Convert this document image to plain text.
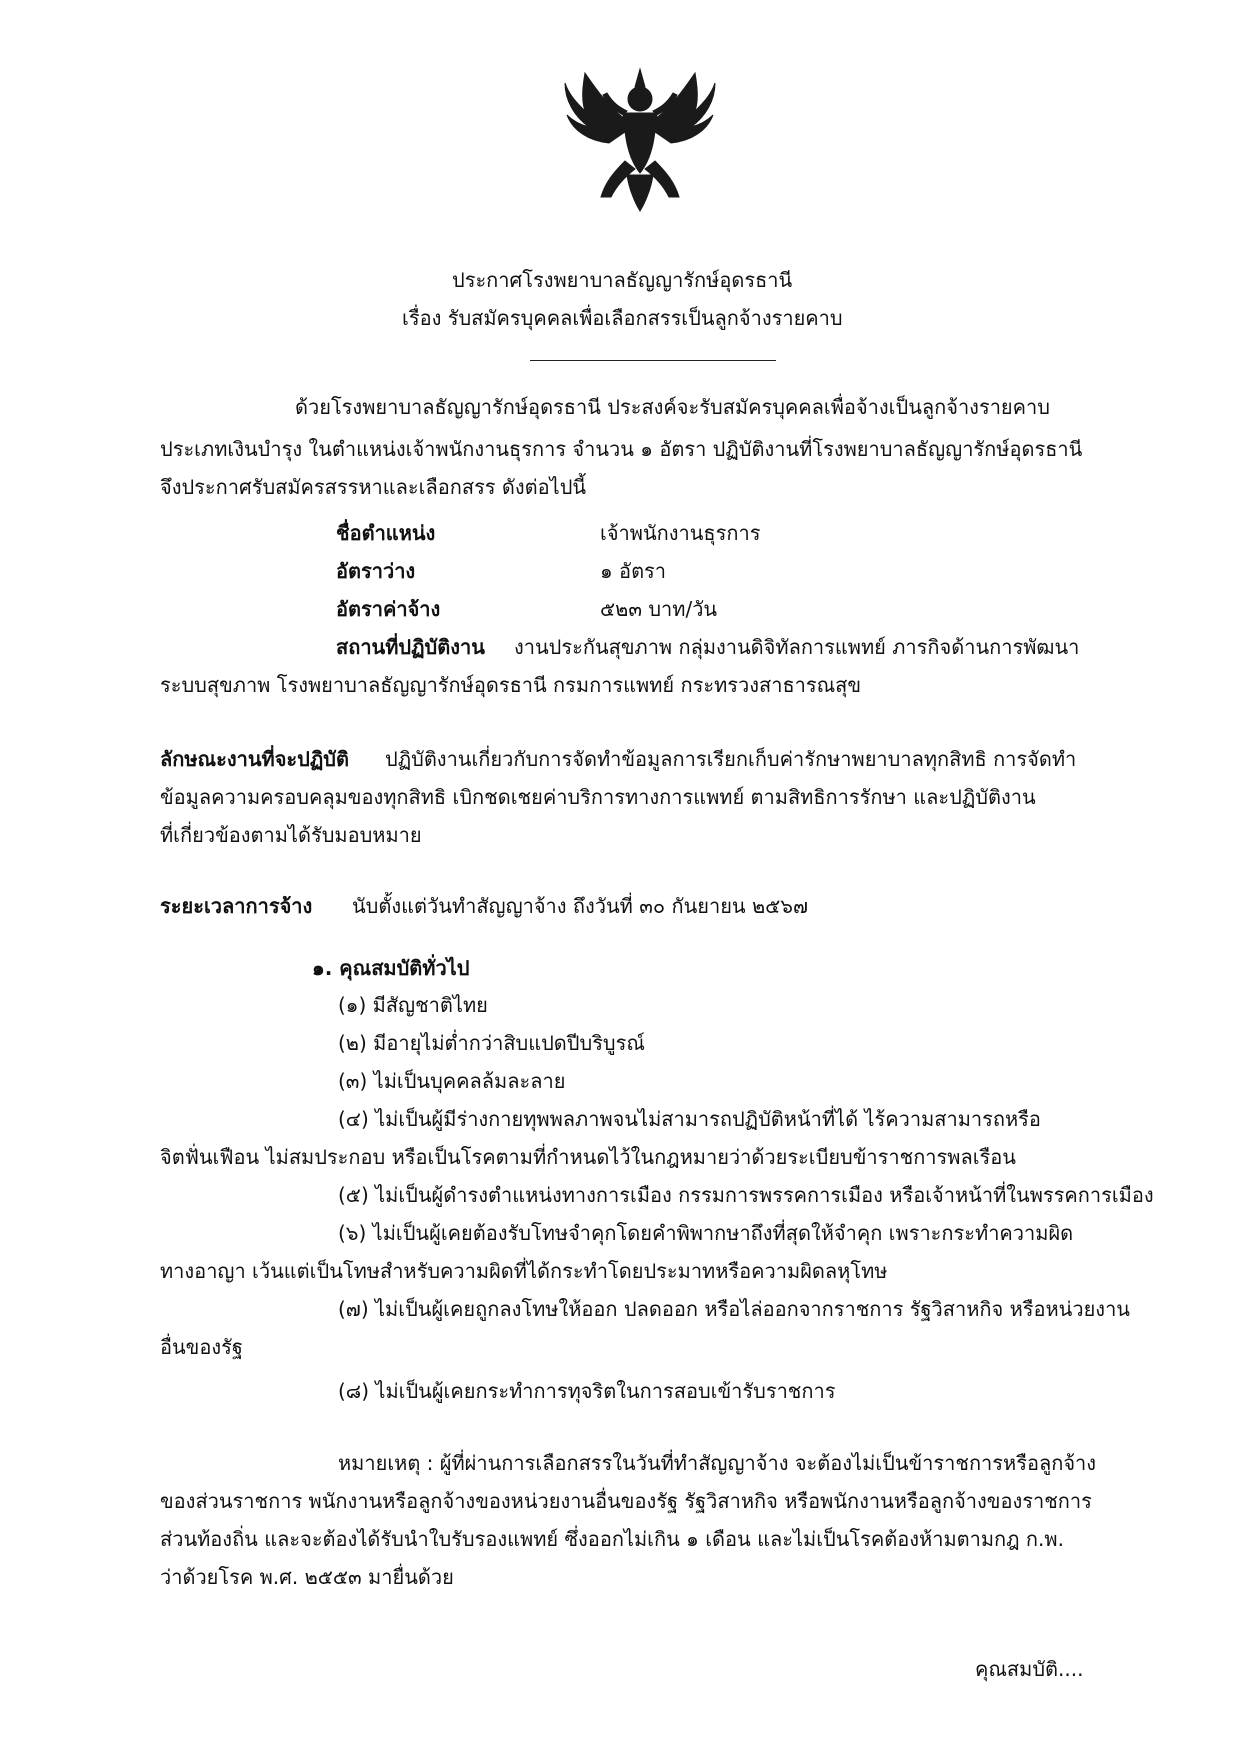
ประกาศโรงพยาบาลธัญญารักษ์อุดรธานี
เรื่อง รับสมัครบุคคลเพื่อเลือกสรรเป็นลูกจ้างรายคาบ
ด้วยโรงพยาบาลธัญญารักษ์อุดรธานี ประสงค์จะรับสมัครบุคคลเพื่อจ้างเป็นลูกจ้างรายคาบ
ประเภทเงินบำรุง ในตำแหน่งเจ้าพนักงานธุรการ จำนวน ๑ อัตรา ปฏิบัติงานที่โรงพยาบาลธัญญารักษ์อุดรธานี
จึงประกาศรับสมัครสรรหาและเลือกสรร ดังต่อไปนี้
ชื่อตำแหน่ง	เจ้าพนักงานธุรการ
อัตราว่าง	๑ อัตรา
อัตราค่าจ้าง	๕๒๓ บาท/วัน
สถานที่ปฏิบัติงาน งานประกันสุขภาพ กลุ่มงานดิจิทัลการแพทย์ ภารกิจด้านการพัฒนา
ระบบสุขภาพ โรงพยาบาลธัญญารักษ์อุดรธานี กรมการแพทย์ กระทรวงสาธารณสุข
ลักษณะงานที่จะปฏิบัติ ปฏิบัติงานเกี่ยวกับการจัดทำข้อมูลการเรียกเก็บค่ารักษาพยาบาลทุกสิทธิ การจัดทำ
ข้อมูลความครอบคลุมของทุกสิทธิ เบิกชดเชยค่าบริการทางการแพทย์ ตามสิทธิการรักษา และปฏิบัติงาน
ที่เกี่ยวข้องตามได้รับมอบหมาย
ระยะเวลาการจ้าง นับตั้งแต่วันทำสัญญาจ้าง ถึงวันที่ ๓๐ กันยายน ๒๕๖๗
๑. คุณสมบัติทั่วไป
(๑) มีสัญชาติไทย
(๒) มีอายุไม่ต่ำกว่าสิบแปดปีบริบูรณ์
(๓) ไม่เป็นบุคคลล้มละลาย
(๔) ไม่เป็นผู้มีร่างกายทุพพลภาพจนไม่สามารถปฏิบัติหน้าที่ได้ ไร้ความสามารถหรือ
จิตฟั่นเฟือน ไม่สมประกอบ หรือเป็นโรคตามที่กำหนดไว้ในกฎหมายว่าด้วยระเบียบข้าราชการพลเรือน
(๕) ไม่เป็นผู้ดำรงตำแหน่งทางการเมือง กรรมการพรรคการเมือง หรือเจ้าหน้าที่ในพรรคการเมือง
(๖) ไม่เป็นผู้เคยต้องรับโทษจำคุกโดยคำพิพากษาถึงที่สุดให้จำคุก เพราะกระทำความผิด
ทางอาญา เว้นแต่เป็นโทษสำหรับความผิดที่ได้กระทำโดยประมาทหรือความผิดลหุโทษ
(๗) ไม่เป็นผู้เคยถูกลงโทษให้ออก ปลดออก หรือไล่ออกจากราชการ รัฐวิสาหกิจ หรือหน่วยงาน
อื่นของรัฐ
(๘) ไม่เป็นผู้เคยกระทำการทุจริตในการสอบเข้ารับราชการ
หมายเหตุ : ผู้ที่ผ่านการเลือกสรรในวันที่ทำสัญญาจ้าง จะต้องไม่เป็นข้าราชการหรือลูกจ้าง
ของส่วนราชการ พนักงานหรือลูกจ้างของหน่วยงานอื่นของรัฐ รัฐวิสาหกิจ หรือพนักงานหรือลูกจ้างของราชการ
ส่วนท้องถิ่น และจะต้องได้รับนำใบรับรองแพทย์ ซึ่งออกไม่เกิน ๑ เดือน และไม่เป็นโรคต้องห้ามตามกฎ ก.พ.
ว่าด้วยโรค พ.ศ. ๒๕๕๓ มายื่นด้วย
คุณสมบัติ....
